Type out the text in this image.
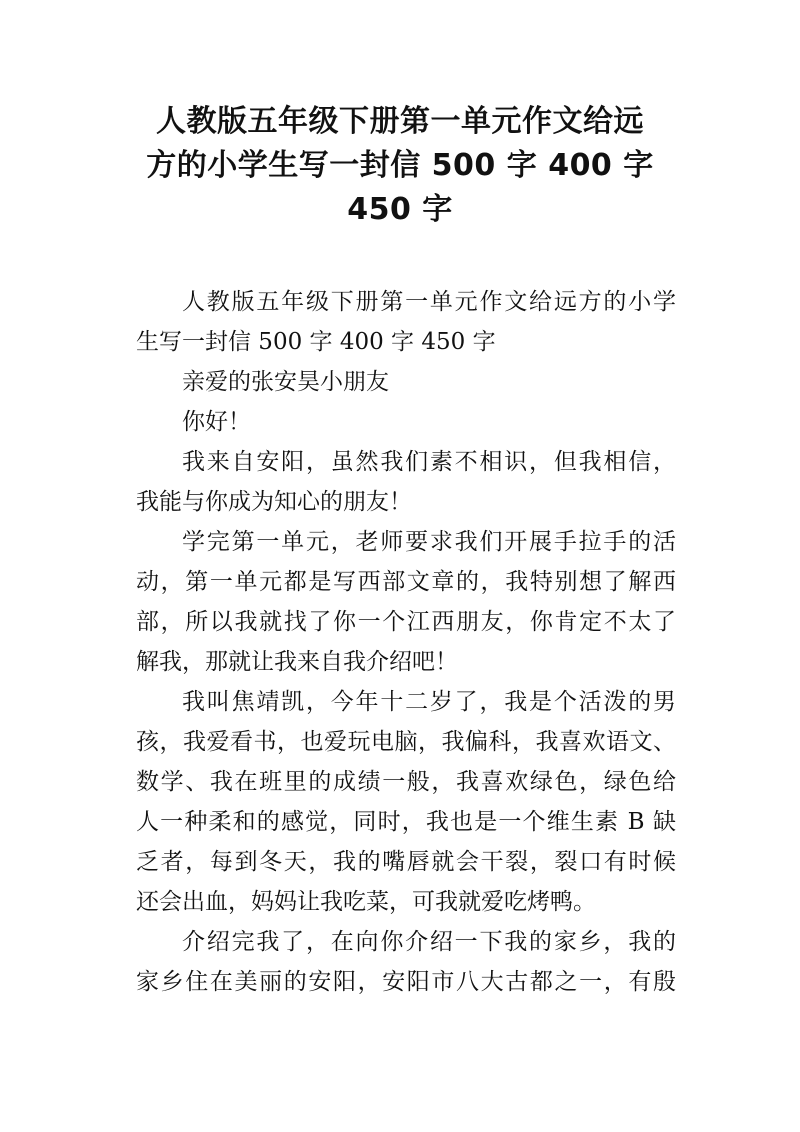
人教版五年级下册第一单元作文给远
方的小学生写一封信 500 字 400 字
450 字
人教版五年级下册第一单元作文给远方的小学
生写一封信 500 字 400 字 450 字
亲爱的张安昊小朋友
你好！
我来自安阳，虽然我们素不相识，但我相信，
我能与你成为知心的朋友！
学完第一单元，老师要求我们开展手拉手的活
动，第一单元都是写西部文章的，我特别想了解西
部，所以我就找了你一个江西朋友，你肯定不太了
解我，那就让我来自我介绍吧！
我叫焦靖凯，今年十二岁了，我是个活泼的男
孩，我爱看书，也爱玩电脑，我偏科，我喜欢语文、
数学、我在班里的成绩一般，我喜欢绿色，绿色给
人一种柔和的感觉，同时，我也是一个维生素 B 缺
乏者，每到冬天，我的嘴唇就会干裂，裂口有时候
还会出血，妈妈让我吃菜，可我就爱吃烤鸭。
介绍完我了，在向你介绍一下我的家乡，我的
家乡住在美丽的安阳，安阳市八大古都之一，有殷
